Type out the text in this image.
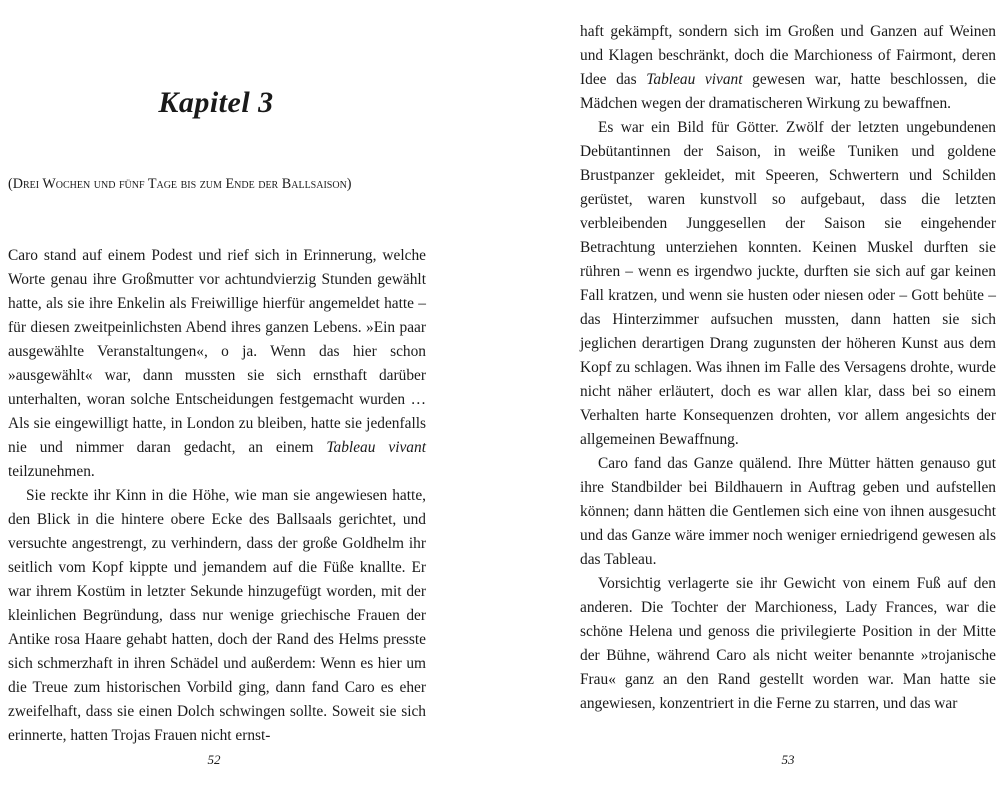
Kapitel 3
(Drei Wochen und fünf Tage bis zum Ende der Ballsaison)

Caro stand auf einem Podest und rief sich in Erinnerung, welche Worte genau ihre Großmutter vor achtundvierzig Stunden gewählt hatte, als sie ihre Enkelin als Freiwillige hierfür angemeldet hatte – für diesen zweitpeinlichsten Abend ihres ganzen Lebens. »Ein paar ausgewählte Veranstaltungen«, o ja. Wenn das hier schon »ausgewählt« war, dann mussten sie sich ernsthaft darüber unterhalten, woran solche Entscheidungen festgemacht wurden … Als sie eingewilligt hatte, in London zu bleiben, hatte sie jedenfalls nie und nimmer daran gedacht, an einem Tableau vivant teilzunehmen.

Sie reckte ihr Kinn in die Höhe, wie man sie angewiesen hatte, den Blick in die hintere obere Ecke des Ballsaals gerichtet, und versuchte angestrengt, zu verhindern, dass der große Goldhelm ihr seitlich vom Kopf kippte und jemandem auf die Füße knallte. Er war ihrem Kostüm in letzter Sekunde hinzugefügt worden, mit der kleinlichen Begründung, dass nur wenige griechische Frauen der Antike rosa Haare gehabt hatten, doch der Rand des Helms presste sich schmerzhaft in ihren Schädel und außerdem: Wenn es hier um die Treue zum historischen Vorbild ging, dann fand Caro es eher zweifelhaft, dass sie einen Dolch schwingen sollte. Soweit sie sich erinnerte, hatten Trojas Frauen nicht ernst-

52

haft gekämpft, sondern sich im Großen und Ganzen auf Weinen und Klagen beschränkt, doch die Marchioness of Fairmont, deren Idee das Tableau vivant gewesen war, hatte beschlossen, die Mädchen wegen der dramatischeren Wirkung zu bewaffnen.

Es war ein Bild für Götter. Zwölf der letzten ungebundenen Debütantinnen der Saison, in weiße Tuniken und goldene Brustpanzer gekleidet, mit Speeren, Schwertern und Schilden gerüstet, waren kunstvoll so aufgebaut, dass die letzten verbleibenden Junggesellen der Saison sie eingehender Betrachtung unterziehen konnten. Keinen Muskel durften sie rühren – wenn es irgendwo juckte, durften sie sich auf gar keinen Fall kratzen, und wenn sie husten oder niesen oder – Gott behüte – das Hinterzimmer aufsuchen mussten, dann hatten sie sich jeglichen derartigen Drang zugunsten der höheren Kunst aus dem Kopf zu schlagen. Was ihnen im Falle des Versagens drohte, wurde nicht näher erläutert, doch es war allen klar, dass bei so einem Verhalten harte Konsequenzen drohten, vor allem angesichts der allgemeinen Bewaffnung.

Caro fand das Ganze quälend. Ihre Mütter hätten genauso gut ihre Standbilder bei Bildhauern in Auftrag geben und aufstellen können; dann hätten die Gentlemen sich eine von ihnen ausgesucht und das Ganze wäre immer noch weniger erniedrigend gewesen als das Tableau.

Vorsichtig verlagerte sie ihr Gewicht von einem Fuß auf den anderen. Die Tochter der Marchioness, Lady Frances, war die schöne Helena und genoss die privilegierte Position in der Mitte der Bühne, während Caro als nicht weiter benannte »trojanische Frau« ganz an den Rand gestellt worden war. Man hatte sie angewiesen, konzentriert in die Ferne zu starren, und das war

53
